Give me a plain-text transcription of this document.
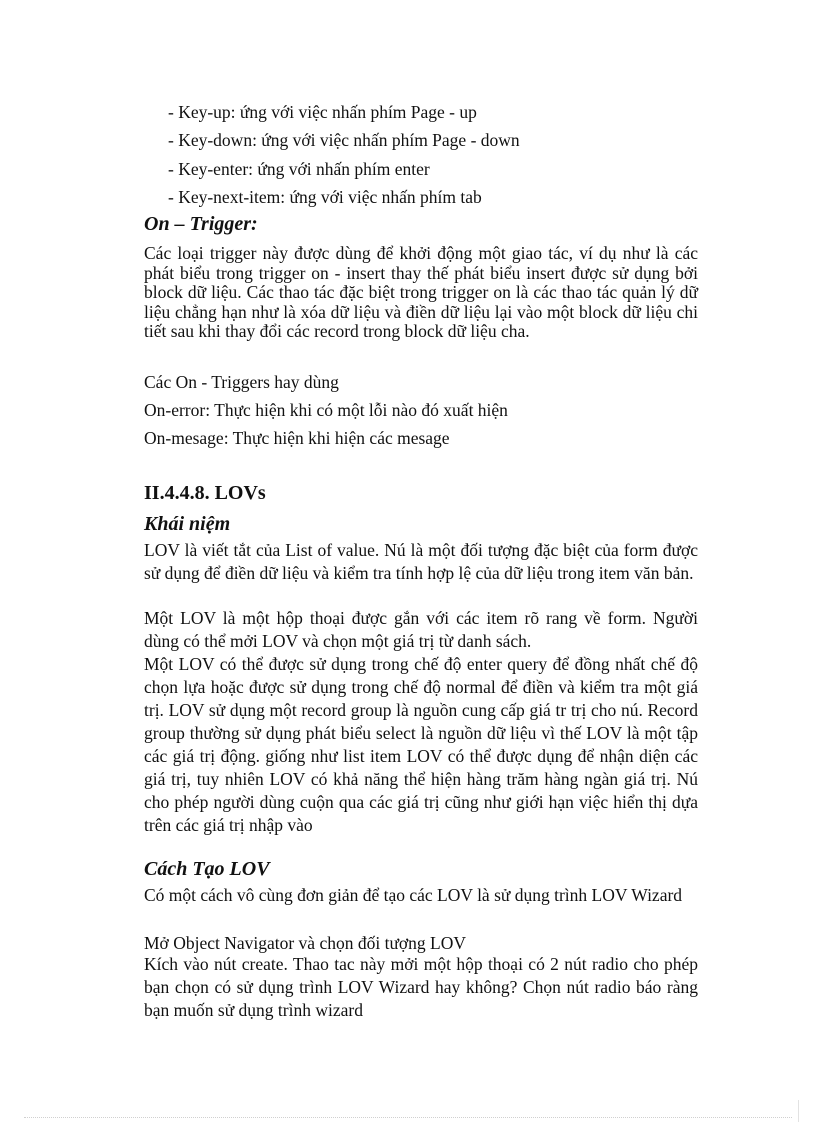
- Key-up: ứng với việc nhấn phím Page - up
- Key-down: ứng với việc nhấn phím Page - down
- Key-enter: ứng với nhấn phím enter
- Key-next-item: ứng với việc nhấn phím tab
On – Trigger:

Các loại trigger này được dùng để khởi động một giao tác, ví dụ như là các phát biểu trong trigger on - insert thay thế phát biểu insert được sử dụng bởi block dữ liệu. Các thao tác đặc biệt trong trigger on là các thao tác quản lý dữ liệu chẳng hạn như là xóa dữ liệu và điền dữ liệu lại vào một block dữ liệu chi tiết sau khi thay đổi các record trong block dữ liệu cha.

Các On - Triggers hay dùng
On-error: Thực hiện khi có một lỗi nào đó xuất hiện
On-mesage: Thực hiện khi hiện các mesage
II.4.4.8. LOVs
Khái niệm

LOV là viết tắt của List of value. Nú là một đối tượng đặc biệt của form được sử dụng để điền dữ liệu và kiểm tra tính hợp lệ của dữ liệu trong item văn bản.

Một LOV là một hộp thoại được gắn với các item rõ rang về form. Người dùng có thể mởi LOV và chọn một giá trị từ danh sách.

Một LOV có thể được sử dụng trong chế độ enter query để đồng nhất chế độ chọn lựa hoặc được sử dụng trong chế độ normal để điền và kiểm tra một giá trị. LOV sử dụng một record group là nguồn cung cấp giá tr trị cho nú. Record group thường sử dụng phát biểu select là nguồn dữ liệu vì thế LOV là một tập các giá trị động. giống như list item LOV có thể được dụng để nhận diện các giá trị, tuy nhiên LOV có khả năng thể hiện hàng trăm hàng ngàn giá trị. Nú cho phép người dùng cuộn qua các giá trị cũng như giới hạn việc hiển thị dựa trên các giá trị nhập vào

Cách Tạo LOV

Có một cách vô cùng đơn giản để tạo các LOV là sử dụng trình LOV Wizard

Mở Object Navigator và chọn đối tượng LOV

Kích vào nút create. Thao tac này mởi một hộp thoại có 2 nút radio cho phép bạn chọn có sử dụng trình LOV Wizard hay không? Chọn nút radio báo ràng bạn muốn sử dụng trình wizard
